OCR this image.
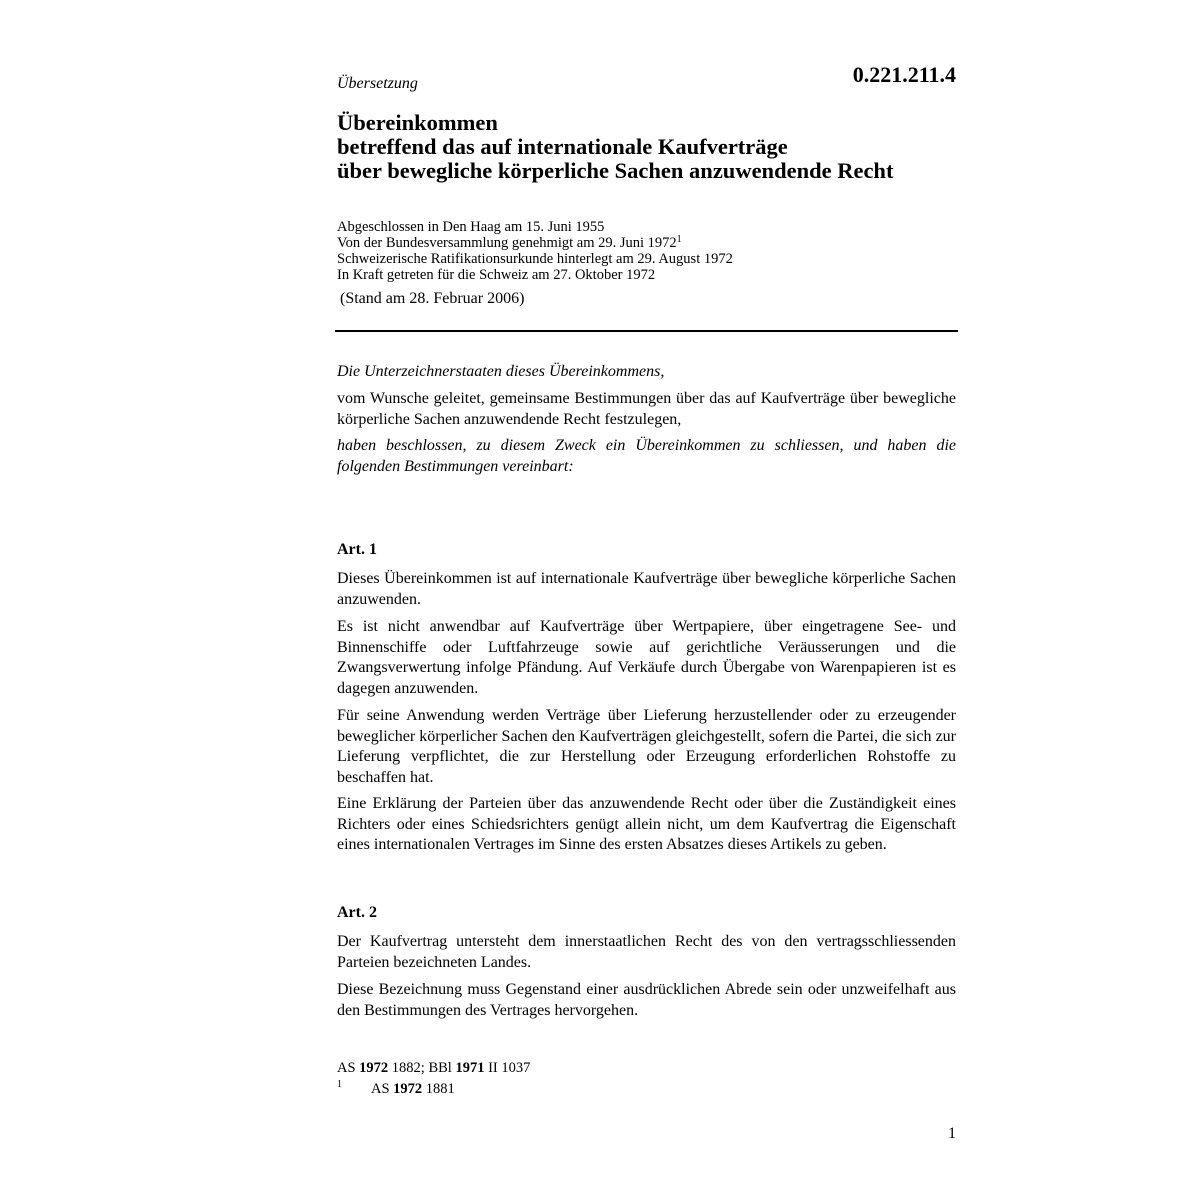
Übersetzung	0.221.211.4
Übereinkommen
betreffend das auf internationale Kaufverträge
über bewegliche körperliche Sachen anzuwendende Recht
Abgeschlossen in Den Haag am 15. Juni 1955
Von der Bundesversammlung genehmigt am 29. Juni 1972$^1$
Schweizerische Ratifikationsurkunde hinterlegt am 29. August 1972
In Kraft getreten für die Schweiz am 27. Oktober 1972
(Stand am 28. Februar 2006)

Die Unterzeichnerstaaten dieses Übereinkommens,

vom Wunsche geleitet, gemeinsame Bestimmungen über das auf Kaufverträge über bewegliche körperliche Sachen anzuwendende Recht festzulegen,

haben beschlossen, zu diesem Zweck ein Übereinkommen zu schliessen, und haben die folgenden Bestimmungen vereinbart:

Art. 1

Dieses Übereinkommen ist auf internationale Kaufverträge über bewegliche körperliche Sachen anzuwenden.

Es ist nicht anwendbar auf Kaufverträge über Wertpapiere, über eingetragene See- und Binnenschiffe oder Luftfahrzeuge sowie auf gerichtliche Veräusserungen und die Zwangsverwertung infolge Pfändung. Auf Verkäufe durch Übergabe von Warenpapieren ist es dagegen anzuwenden.

Für seine Anwendung werden Verträge über Lieferung herzustellender oder zu erzeugender beweglicher körperlicher Sachen den Kaufverträgen gleichgestellt, sofern die Partei, die sich zur Lieferung verpflichtet, die zur Herstellung oder Erzeugung erforderlichen Rohstoffe zu beschaffen hat.

Eine Erklärung der Parteien über das anzuwendende Recht oder über die Zuständigkeit eines Richters oder eines Schiedsrichters genügt allein nicht, um dem Kaufvertrag die Eigenschaft eines internationalen Vertrages im Sinne des ersten Absatzes dieses Artikels zu geben.

Art. 2

Der Kaufvertrag untersteht dem innerstaatlichen Recht des von den vertragsschliessenden Parteien bezeichneten Landes.

Diese Bezeichnung muss Gegenstand einer ausdrücklichen Abrede sein oder unzweifelhaft aus den Bestimmungen des Vertrages hervorgehen.

AS 1972 1882; BBl 1971 II 1037
1 AS 1972 1881
1
